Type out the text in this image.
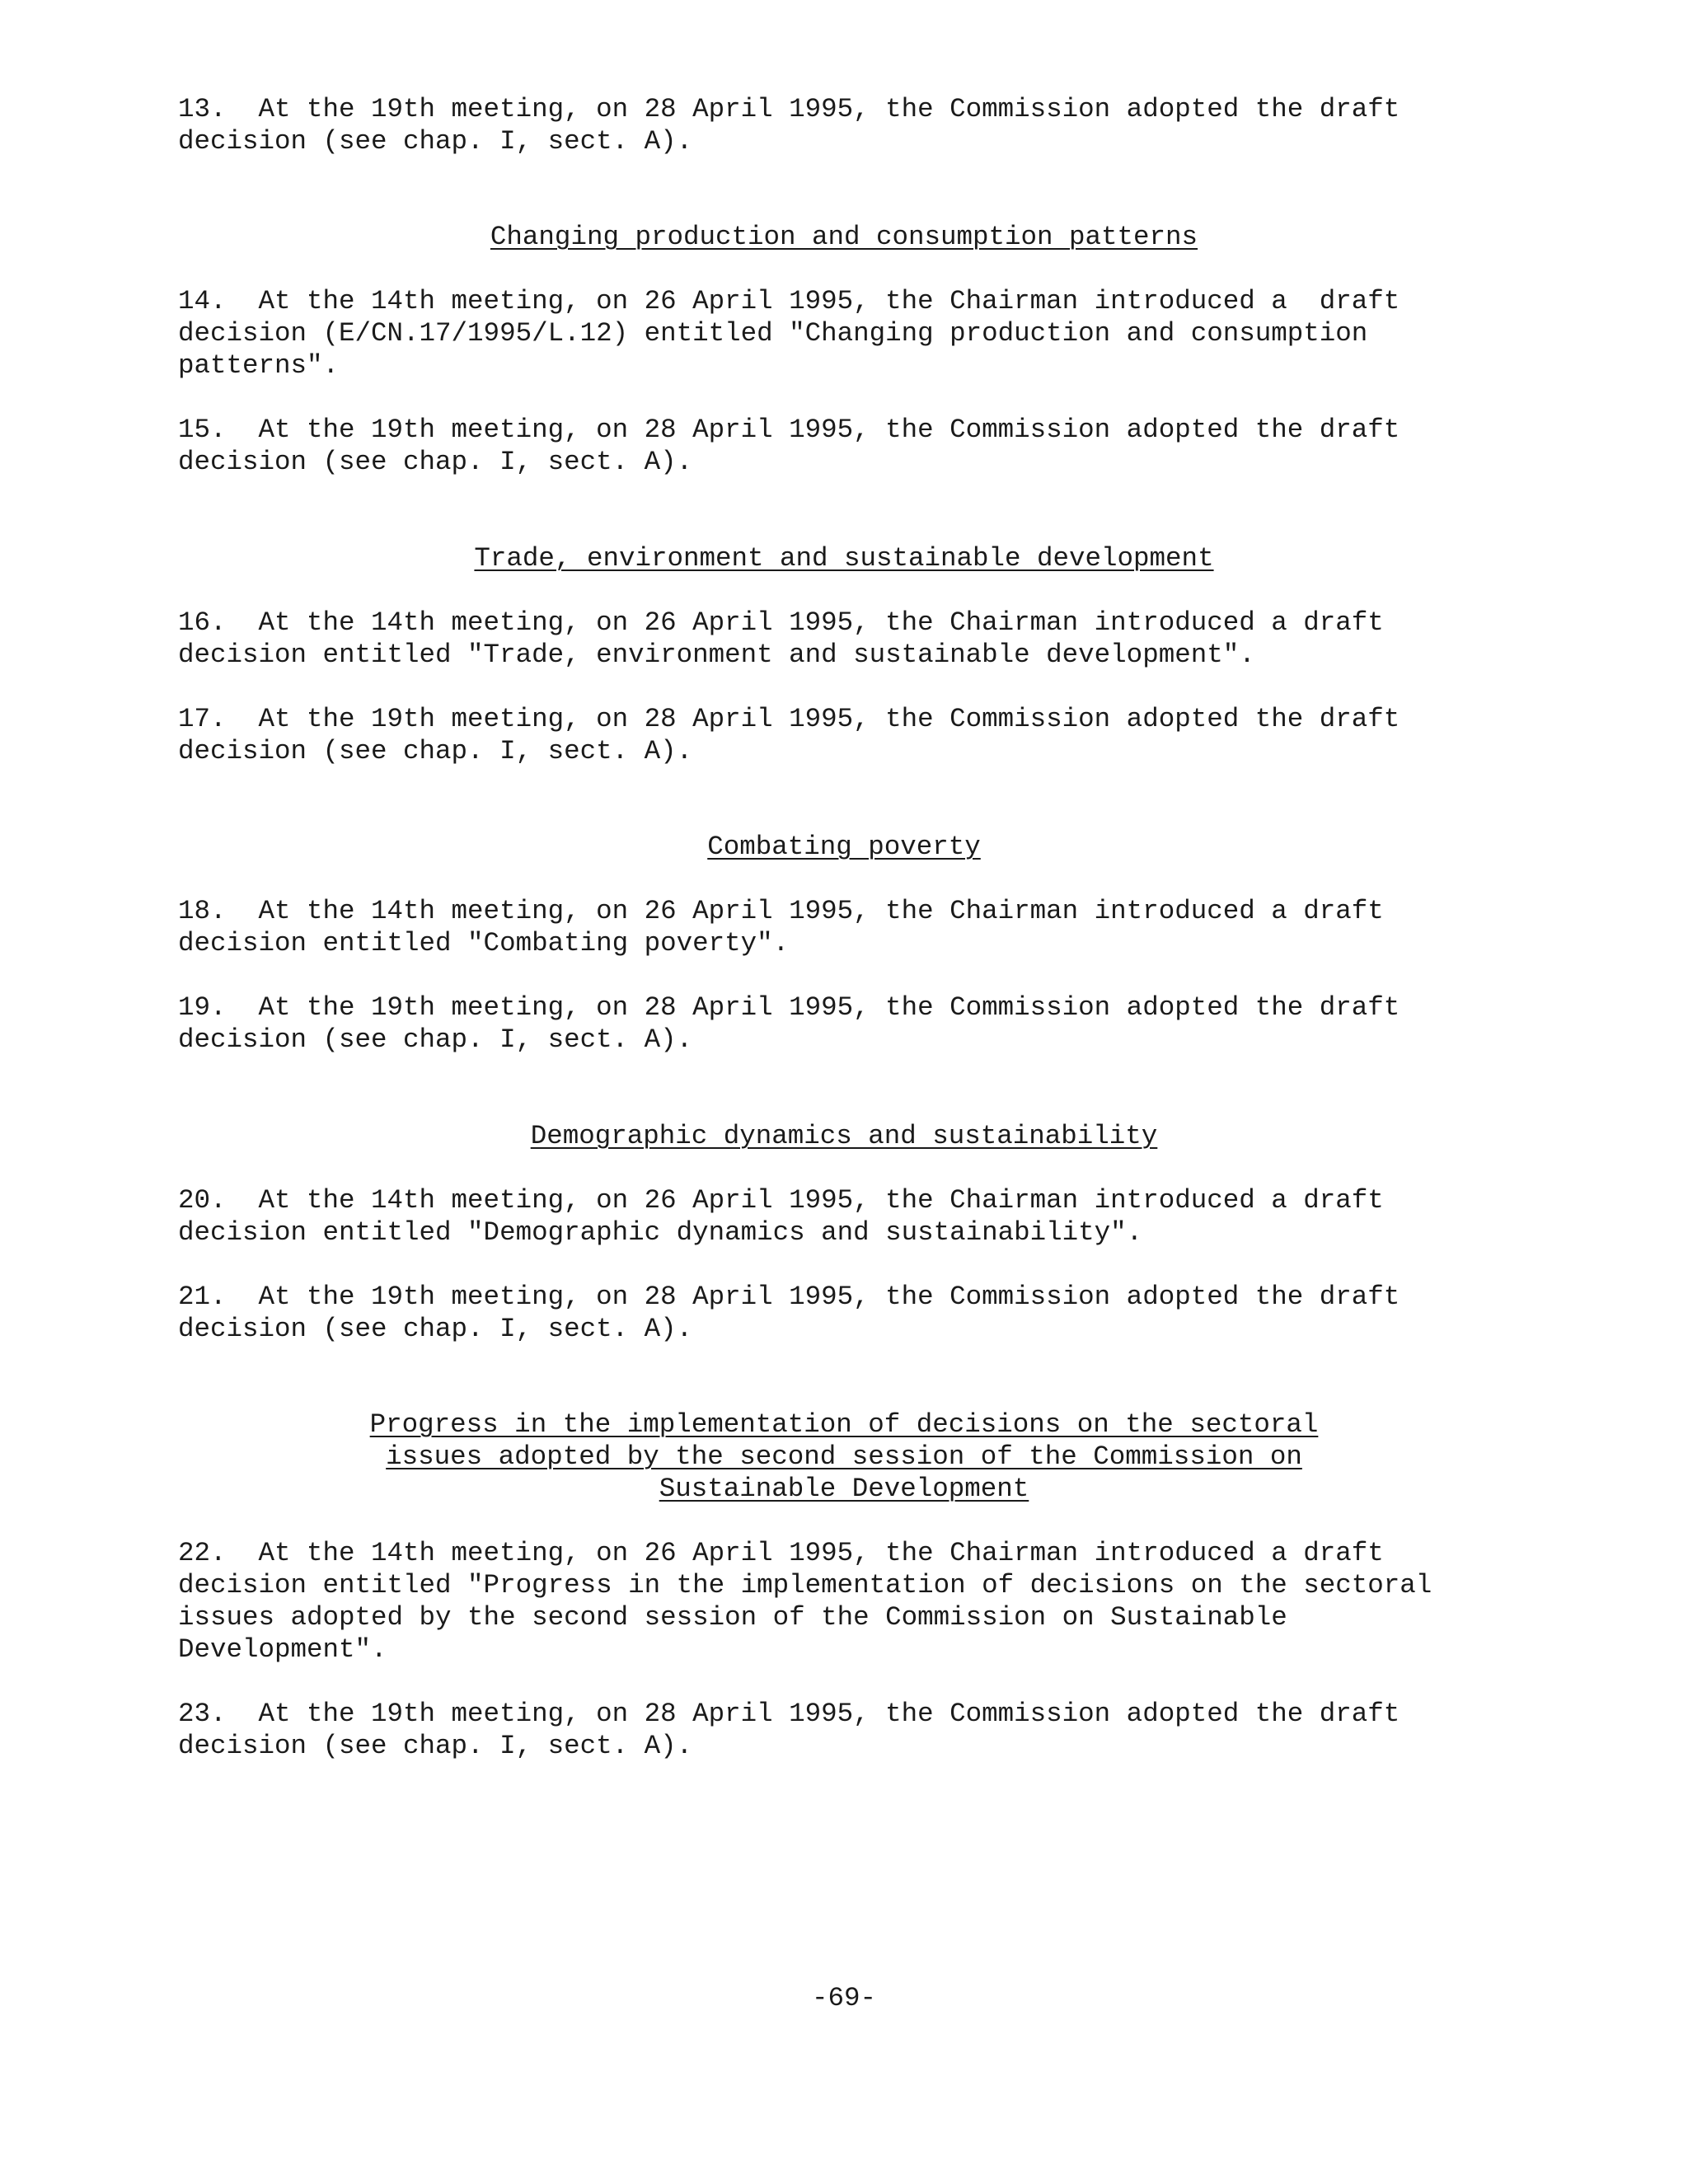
13.  At the 19th meeting, on 28 April 1995, the Commission adopted the draft
decision (see chap. I, sect. A).
Changing production and consumption patterns
14.  At the 14th meeting, on 26 April 1995, the Chairman introduced a  draft
decision (E/CN.17/1995/L.12) entitled "Changing production and consumption
patterns".
15.  At the 19th meeting, on 28 April 1995, the Commission adopted the draft
decision (see chap. I, sect. A).
Trade, environment and sustainable development
16.  At the 14th meeting, on 26 April 1995, the Chairman introduced a draft
decision entitled "Trade, environment and sustainable development".
17.  At the 19th meeting, on 28 April 1995, the Commission adopted the draft
decision (see chap. I, sect. A).
Combating poverty
18.  At the 14th meeting, on 26 April 1995, the Chairman introduced a draft
decision entitled "Combating poverty".
19.  At the 19th meeting, on 28 April 1995, the Commission adopted the draft
decision (see chap. I, sect. A).
Demographic dynamics and sustainability
20.  At the 14th meeting, on 26 April 1995, the Chairman introduced a draft
decision entitled "Demographic dynamics and sustainability".
21.  At the 19th meeting, on 28 April 1995, the Commission adopted the draft
decision (see chap. I, sect. A).
Progress in the implementation of decisions on the sectoral
issues adopted by the second session of the Commission on
Sustainable Development
22.  At the 14th meeting, on 26 April 1995, the Chairman introduced a draft
decision entitled "Progress in the implementation of decisions on the sectoral
issues adopted by the second session of the Commission on Sustainable
Development".
23.  At the 19th meeting, on 28 April 1995, the Commission adopted the draft
decision (see chap. I, sect. A).
-69-
